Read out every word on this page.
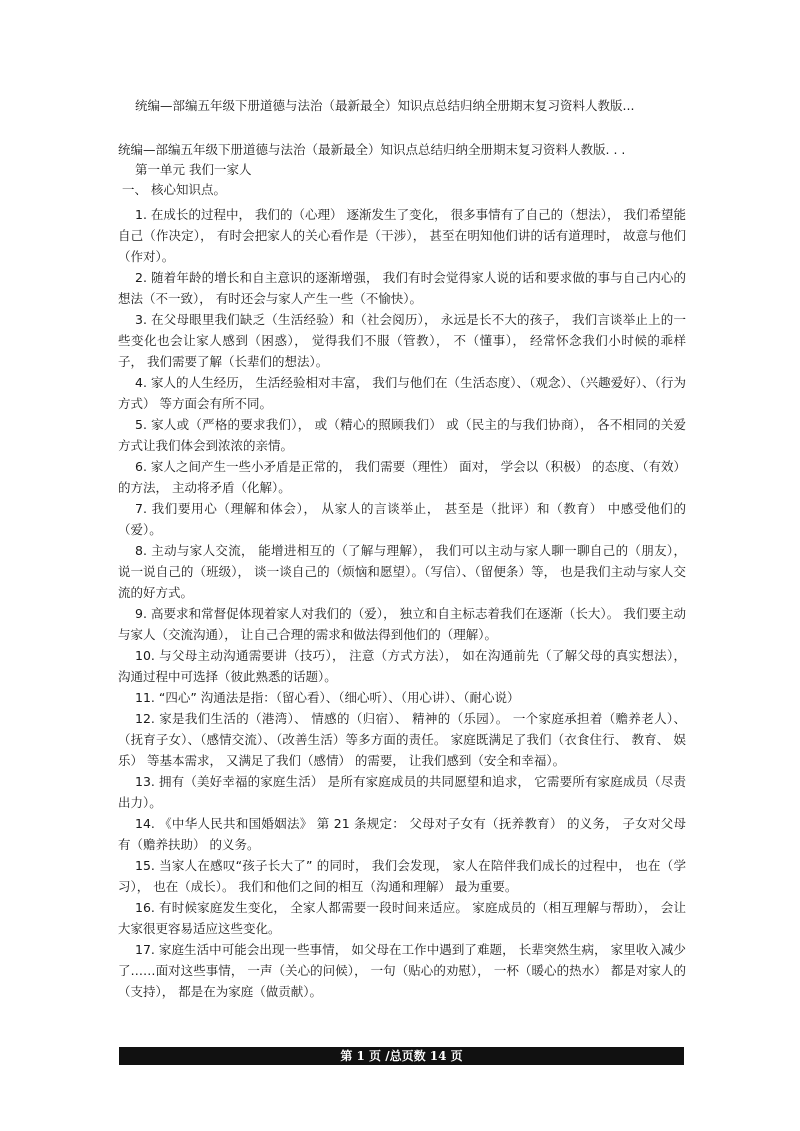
统编—部编五年级下册道德与法治（最新最全）知识点总结归纳全册期末复习资料人教版...
统编—部编五年级下册道德与法治（最新最全）知识点总结归纳全册期末复习资料人教版. . .
第一单元 我们一家人
一、 核心知识点。

1. 在成长的过程中， 我们的（心理） 逐渐发生了变化， 很多事情有了自己的（想法）， 我们希望能自己（作决定）， 有时会把家人的关心看作是（干涉）， 甚至在明知他们讲的话有道理时， 故意与他们（作对）。

2. 随着年龄的增长和自主意识的逐渐增强， 我们有时会觉得家人说的话和要求做的事与自己内心的想法（不一致）， 有时还会与家人产生一些（不愉快）。

3. 在父母眼里我们缺乏（生活经验）和（社会阅历）， 永远是长不大的孩子， 我们言谈举止上的一些变化也会让家人感到（困惑）， 觉得我们不服（管教）， 不（懂事）， 经常怀念我们小时候的乖样子， 我们需要了解（长辈们的想法）。

4. 家人的人生经历， 生活经验相对丰富， 我们与他们在（生活态度）、（观念）、（兴趣爱好）、（行为方式） 等方面会有所不同。

5. 家人或（严格的要求我们）， 或（精心的照顾我们） 或（民主的与我们协商）， 各不相同的关爱方式让我们体会到浓浓的亲情。

6. 家人之间产生一些小矛盾是正常的， 我们需要（理性） 面对， 学会以（积极） 的态度、（有效） 的方法， 主动将矛盾（化解）。

7. 我们要用心（理解和体会）， 从家人的言谈举止， 甚至是（批评）和（教育） 中感受他们的（爱）。

8. 主动与家人交流， 能增进相互的（了解与理解）， 我们可以主动与家人聊一聊自己的（朋友）， 说一说自己的（班级）， 谈一谈自己的（烦恼和愿望）。（写信）、（留便条）等， 也是我们主动与家人交流的好方式。

9. 高要求和常督促体现着家人对我们的（爱）， 独立和自主标志着我们在逐渐（长大）。 我们要主动与家人（交流沟通）， 让自己合理的需求和做法得到他们的（理解）。

10. 与父母主动沟通需要讲（技巧）， 注意（方式方法）， 如在沟通前先（了解父母的真实想法）， 沟通过程中可选择（彼此熟悉的话题）。

11. “四心” 沟通法是指：（留心看）、（细心听）、（用心讲）、（耐心说）

12. 家是我们生活的（港湾）、 情感的（归宿）、 精神的（乐园）。 一个家庭承担着（赡养老人）、（抚育子女）、（感情交流）、（改善生活）等多方面的责任。 家庭既满足了我们（衣食住行、 教育、 娱乐） 等基本需求， 又满足了我们（感情） 的需要， 让我们感到（安全和幸福）。

13. 拥有（美好幸福的家庭生活） 是所有家庭成员的共同愿望和追求， 它需要所有家庭成员（尽责出力）。

14. 《中华人民共和国婚姻法》 第 21 条规定： 父母对子女有（抚养教育） 的义务， 子女对父母有（赡养扶助） 的义务。

15. 当家人在感叹“孩子长大了” 的同时， 我们会发现， 家人在陪伴我们成长的过程中， 也在（学习）， 也在（成长）。 我们和他们之间的相互（沟通和理解） 最为重要。

16. 有时候家庭发生变化， 全家人都需要一段时间来适应。 家庭成员的（相互理解与帮助）， 会让大家很更容易适应这些变化。

17. 家庭生活中可能会出现一些事情， 如父母在工作中遇到了难题， 长辈突然生病， 家里收入减少了……面对这些事情， 一声（关心的问候）， 一句（贴心的劝慰）， 一杯（暖心的热水） 都是对家人的（支持）， 都是在为家庭（做贡献）。

第 1 页 /总页数 14 页
